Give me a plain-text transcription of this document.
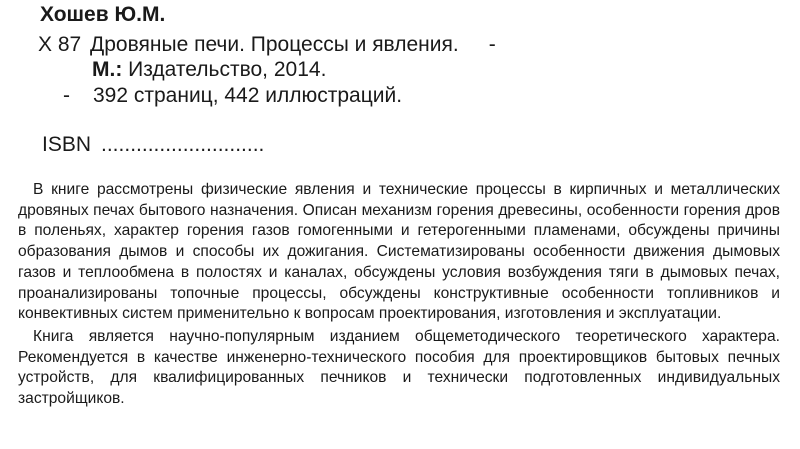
Хошев Ю.М.
Х 87 Дровяные печи. Процессы и явления. -
М.: Издательство, 2014.
- 392 страниц, 442 иллюстраций.
ISBN ............................

В книге рассмотрены физические явления и технические процессы в кирпичных и металлических дровяных печах бытового назначения. Описан механизм горения древесины, особенности горения дров в поленьях, характер горения газов гомогенными и гетерогенными пламенами, обсуждены причины образования дымов и способы их дожигания. Систематизированы особенности движения дымовых газов и теплообмена в полостях и каналах, обсуждены условия возбуждения тяги в дымовых печах, проанализированы топочные процессы, обсуждены конструктивные особенности топливников и конвективных систем применительно к вопросам проектирования, изготовления и эксплуатации.

Книга является научно-популярным изданием общеметодического теоретического характера. Рекомендуется в качестве инженерно-технического пособия для проектировщиков бытовых печных устройств, для квалифицированных печников и технически подготовленных индивидуальных застройщиков.
